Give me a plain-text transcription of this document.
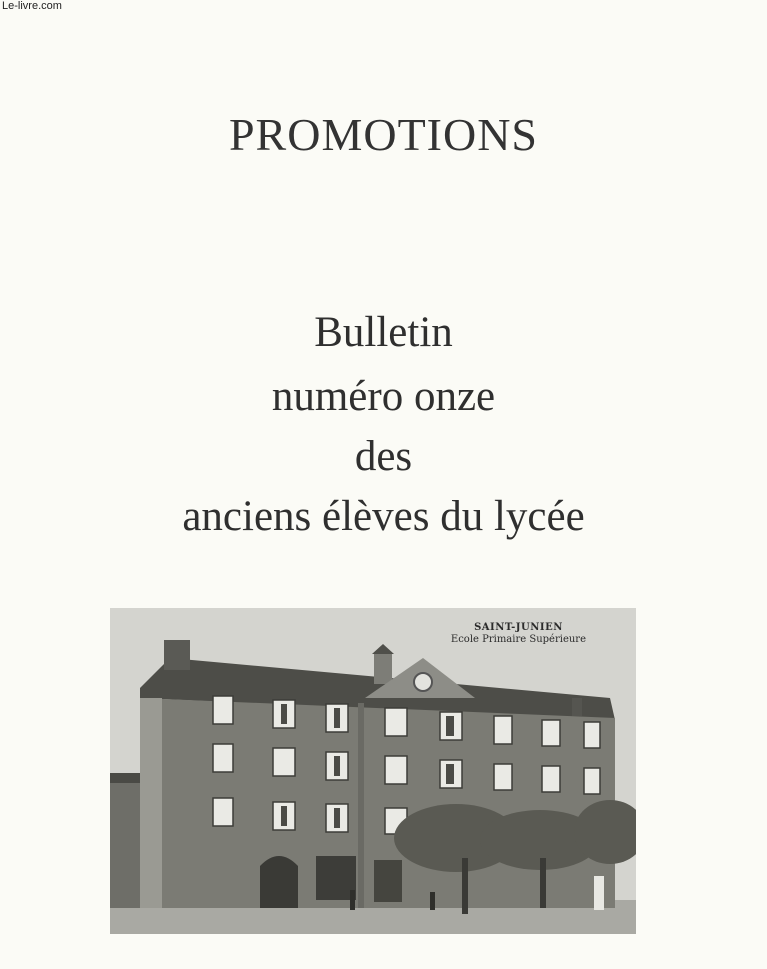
Le-livre.com
PROMOTIONS
Bulletin
numéro onze
des
anciens élèves du lycée
SAINT-JUNIEN
Ecole Primaire Supérieure
